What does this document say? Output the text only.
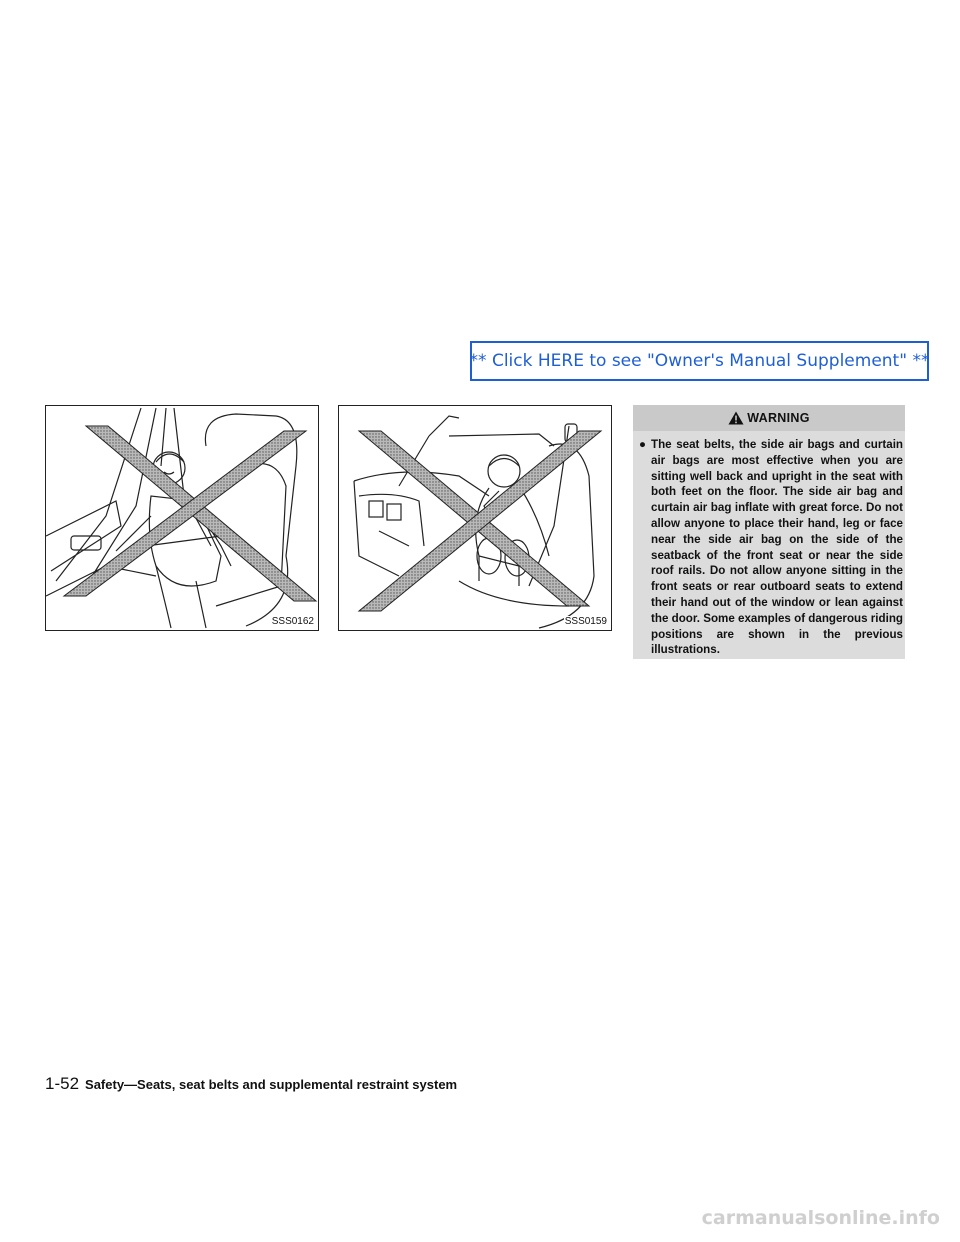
** Click HERE to see "Owner's Manual Supplement" **
SSS0162	SSS0159
WARNING
● The seat belts, the side air bags and curtain air bags are most effective when you are sitting well back and upright in the seat with both feet on the floor. The side air bag and curtain air bag inflate with great force. Do not allow anyone to place their hand, leg or face near the side air bag on the side of the seatback of the front seat or near the side roof rails. Do not allow anyone sitting in the front seats or rear outboard seats to extend their hand out of the window or lean against the door. Some examples of dangerous riding positions are shown in the previous illustrations.
1-52 Safety—Seats, seat belts and supplemental restraint system
carmanualsonline.info
